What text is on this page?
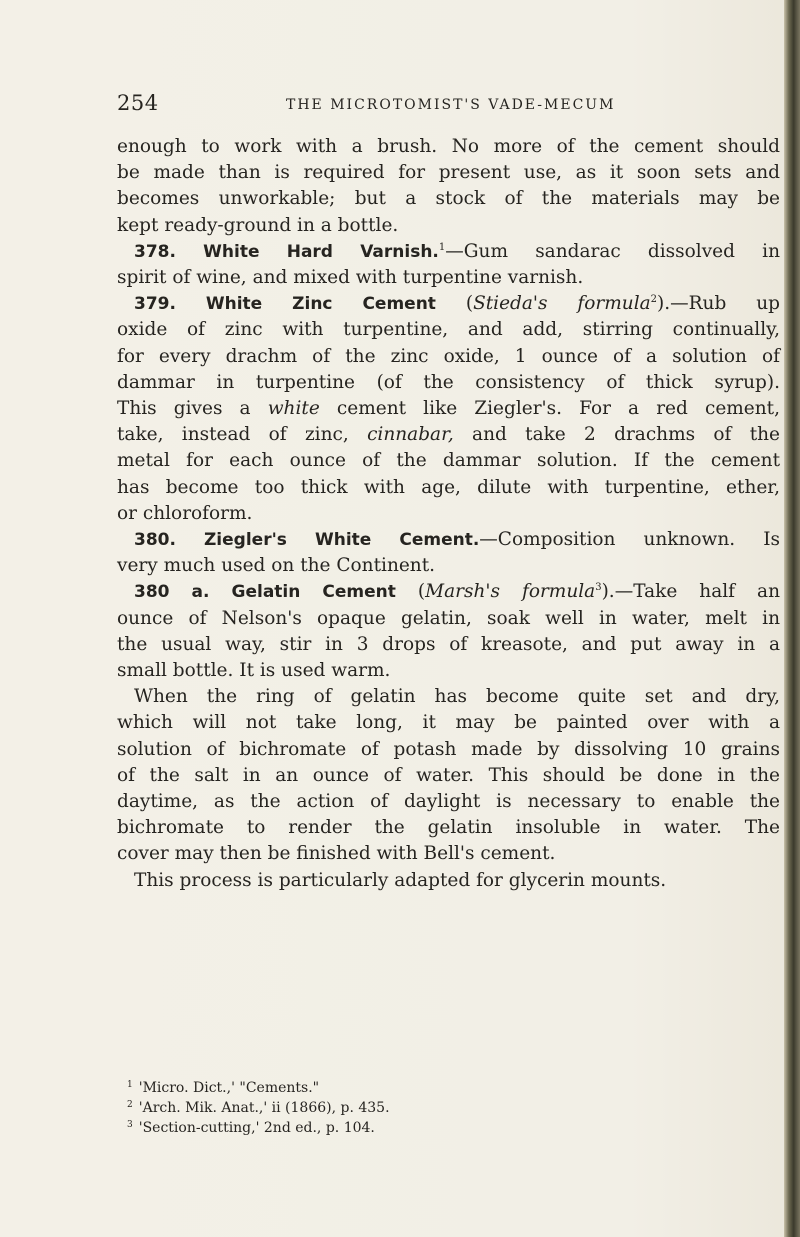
254	THE MICROTOMIST'S VADE-MECUM
enough to work with a brush. No more of the cement should
be made than is required for present use, as it soon sets and
becomes unworkable; but a stock of the materials may be
kept ready-ground in a bottle.
378. White Hard Varnish.$^1$—Gum sandarac dissolved in
spirit of wine, and mixed with turpentine varnish.
379. White Zinc Cement (Stieda's formula$^2$).—Rub up
oxide of zinc with turpentine, and add, stirring continually,
for every drachm of the zinc oxide, 1 ounce of a solution of
dammar in turpentine (of the consistency of thick syrup).
This gives a white cement like Ziegler's. For a red cement,
take, instead of zinc, cinnabar, and take 2 drachms of the
metal for each ounce of the dammar solution. If the cement
has become too thick with age, dilute with turpentine, ether,
or chloroform.
380. Ziegler's White Cement.—Composition unknown. Is
very much used on the Continent.
380 a. Gelatin Cement (Marsh's formula$^3$).—Take half an
ounce of Nelson's opaque gelatin, soak well in water, melt in
the usual way, stir in 3 drops of kreasote, and put away in a
small bottle. It is used warm.
When the ring of gelatin has become quite set and dry,
which will not take long, it may be painted over with a
solution of bichromate of potash made by dissolving 10 grains
of the salt in an ounce of water. This should be done in the
daytime, as the action of daylight is necessary to enable the
bichromate to render the gelatin insoluble in water. The
cover may then be finished with Bell's cement.
This process is particularly adapted for glycerin mounts.
$^1$ 'Micro. Dict.,' "Cements."
$^2$ 'Arch. Mik. Anat.,' ii (1866), p. 435.
$^3$ 'Section-cutting,' 2nd ed., p. 104.
